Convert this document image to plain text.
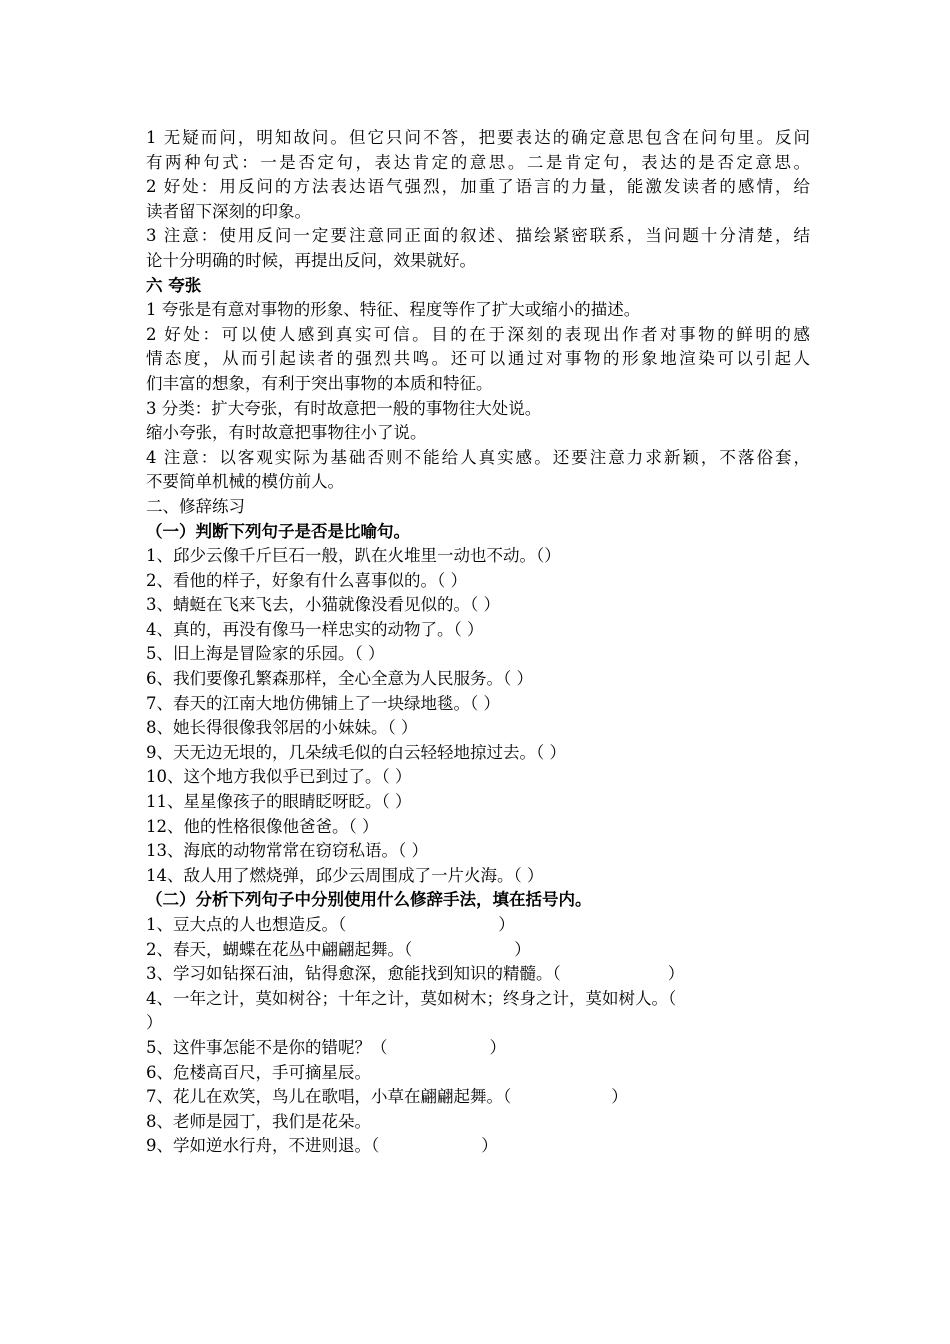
1 无疑而问，明知故问。但它只问不答，把要表达的确定意思包含在问句里。反问
有两种句式：一是否定句，表达肯定的意思。二是肯定句，表达的是否定意思。
2 好处：用反问的方法表达语气强烈，加重了语言的力量，能激发读者的感情，给
读者留下深刻的印象。
3 注意：使用反问一定要注意同正面的叙述、描绘紧密联系，当问题十分清楚，结
论十分明确的时候，再提出反问，效果就好。
六 夸张
1 夸张是有意对事物的形象、特征、程度等作了扩大或缩小的描述。
2 好处：可以使人感到真实可信。目的在于深刻的表现出作者对事物的鲜明的感
情态度，从而引起读者的强烈共鸣。还可以通过对事物的形象地渲染可以引起人
们丰富的想象，有利于突出事物的本质和特征。
3 分类：扩大夸张，有时故意把一般的事物往大处说。
缩小夸张，有时故意把事物往小了说。
4 注意：以客观实际为基础否则不能给人真实感。还要注意力求新颖，不落俗套，
不要简单机械的模仿前人。
二、修辞练习
（一）判断下列句子是否是比喻句。
1、邱少云像千斤巨石一般，趴在火堆里一动也不动。（）
2、看他的样子，好象有什么喜事似的。（ ）
3、蜻蜓在飞来飞去，小猫就像没看见似的。（ ）
4、真的，再没有像马一样忠实的动物了。（ ）
5、旧上海是冒险家的乐园。（ ）
6、我们要像孔繁森那样，全心全意为人民服务。（ ）
7、春天的江南大地仿佛铺上了一块绿地毯。（ ）
8、她长得很像我邻居的小妹妹。（ ）
9、天无边无垠的，几朵绒毛似的白云轻轻地掠过去。（ ）
10、这个地方我似乎已到过了。（ ）
11、星星像孩子的眼睛眨呀眨。（ ）
12、他的性格很像他爸爸。（ ）
13、海底的动物常常在窃窃私语。（ ）
14、敌人用了燃烧弹，邱少云周围成了一片火海。（ ）
（二）分析下列句子中分别使用什么修辞手法，填在括号内。
1、豆大点的人也想造反。（	）
2、春天，蝴蝶在花丛中翩翩起舞。（	）
3、学习如钻探石油，钻得愈深，愈能找到知识的精髓。（	）
4、一年之计，莫如树谷；十年之计，莫如树木；终身之计，莫如树人。（
）
5、这件事怎能不是你的错呢？（	）
6、危楼高百尺，手可摘星辰。
7、花儿在欢笑，鸟儿在歌唱，小草在翩翩起舞。（	）
8、老师是园丁，我们是花朵。
9、学如逆水行舟，不进则退。（	）
